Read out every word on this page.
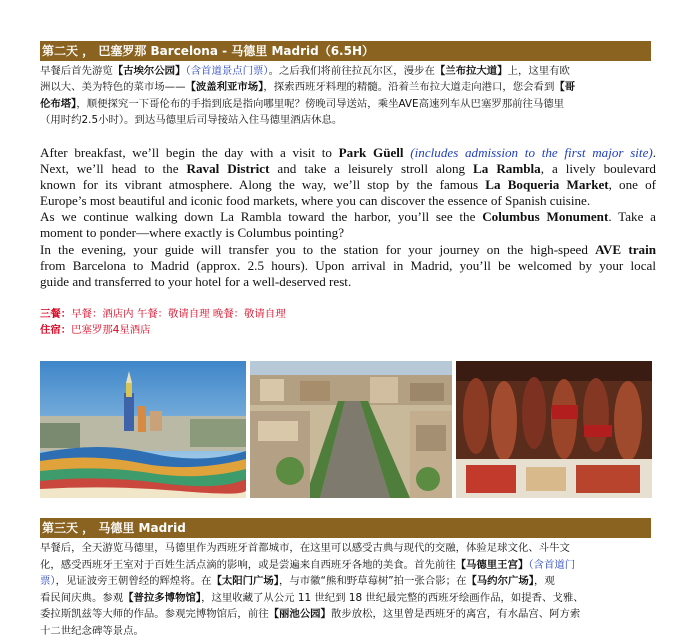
第二天 ， 巴塞罗那 Barcelona - 马德里 Madrid（6.5H）
早餐后首先游览【古埃尔公园】（含首道景点门票）。之后我们将前往拉瓦尔区，漫步在【兰布拉大道】上，这里有欧
洲以大、美为特色的菜市场——【波盖利亚市场】，探索西班牙料理的精髓。沿着兰布拉大道走向港口，您会看到【哥
伦布塔】，顺便探究一下哥伦布的手指到底是指向哪里呢？傍晚司导送站，乘坐AVE高速列车从巴塞罗那前往马德里
（用时约2.5小时）。到达马德里后司导接站入住马德里酒店休息。
After breakfast, we’ll begin the day with a visit to Park Güell (includes admission to the first major site).
Next, we’ll head to the Raval District and take a leisurely stroll along La Rambla, a lively boulevard
known for its vibrant atmosphere. Along the way, we’ll stop by the famous La Boqueria Market, one of
Europe’s most beautiful and iconic food markets, where you can discover the essence of Spanish cuisine.
As we continue walking down La Rambla toward the harbor, you’ll see the Columbus Monument. Take a
moment to ponder—where exactly is Columbus pointing?
In the evening, your guide will transfer you to the station for your journey on the high-speed AVE train
from Barcelona to Madrid (approx. 2.5 hours). Upon arrival in Madrid, you’ll be welcomed by your local
guide and transferred to your hotel for a well-deserved rest.
三餐：早餐：酒店内 午餐：敬请自理 晚餐：敬请自理
住宿：巴塞罗那4星酒店
第三天 ， 马德里 Madrid
早餐后，全天游览马德里，马德里作为西班牙首都城市，在这里可以感受古典与现代的交融，体验足球文化、斗牛文
化，感受西班牙王室对于百姓生活点滴的影响，或是尝遍来自西班牙各地的美食。首先前往【马德里王宫】（含首道门
票），见证波旁王朝曾经的辉煌将。在【太阳门广场】，与市徽“熊和野草莓树”拍一张合影；在【马约尔广场】，观
看民间庆典。参观【普拉多博物馆】，这里收藏了从公元 11 世纪到 18 世纪最完整的西班牙绘画作品，如提香、戈雅、
委拉斯凯兹等大师的作品。参观完博物馆后，前往【丽池公园】散步放松，这里曾是西班牙的离宫，有水晶宫、阿方索
十二世纪念碑等景点。
